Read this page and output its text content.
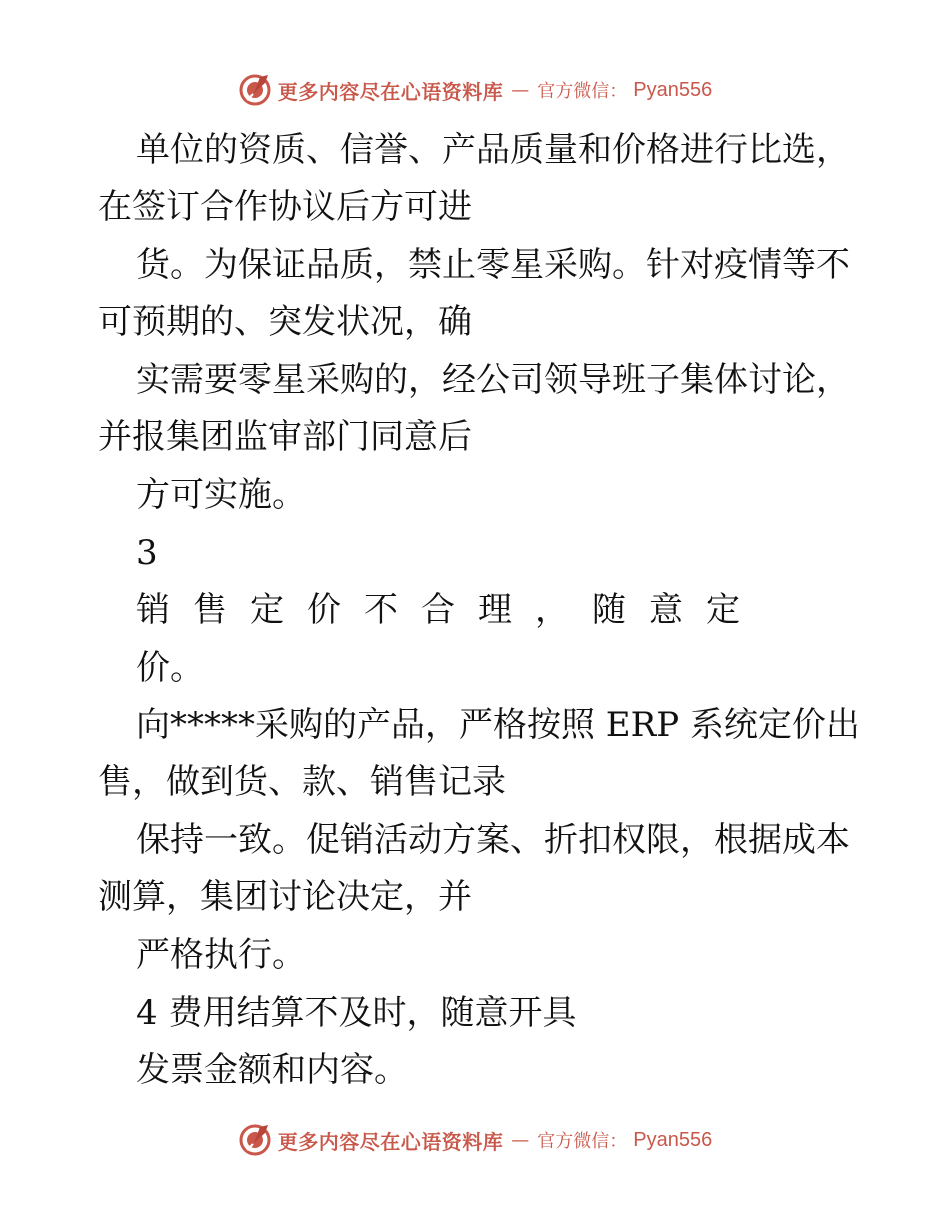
更多内容尽在心语资料库 — 官方微信： Pyan556
单位的资质、信誉、产品质量和价格进行比选，
在签订合作协议后方可进
货。为保证品质，禁止零星采购。针对疫情等不
可预期的、突发状况，确
实需要零星采购的，经公司领导班子集体讨论，
并报集团监审部门同意后
方可实施。
3
销售定价不合理，随意定
价。
向*****采购的产品，严格按照 ERP 系统定价出
售，做到货、款、销售记录
保持一致。促销活动方案、折扣权限，根据成本
测算，集团讨论决定，并
严格执行。
4 费用结算不及时，随意开具
发票金额和内容。
更多内容尽在心语资料库 — 官方微信： Pyan556
